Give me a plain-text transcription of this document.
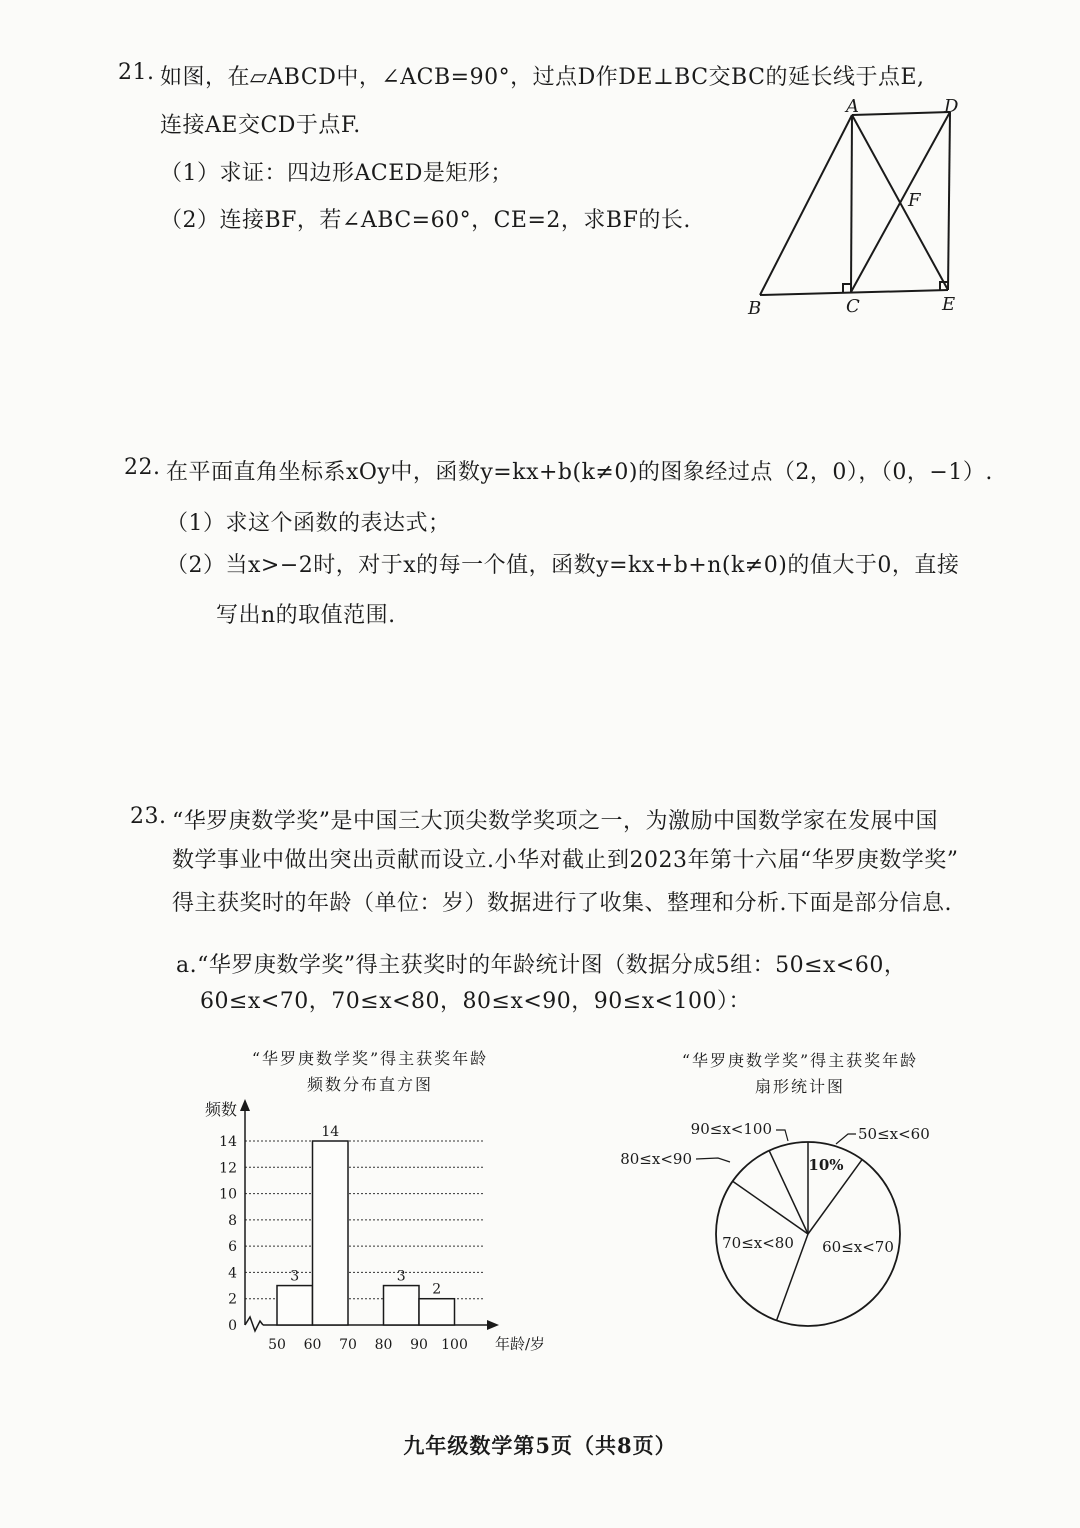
21. 如图，在▱ABCD中，∠ACB=90°，过点D作DE⊥BC交BC的延长线于点E,
连接AE交CD于点F.
（1）求证：四边形ACED是矩形；
（2）连接BF，若∠ABC=60°，CE=2，求BF的长.
A	D
F
B	C	E
22. 在平面直角坐标系xOy中，函数y=kx+b(k≠0)的图象经过点（2，0），（0，−1）.
（1）求这个函数的表达式；
（2）当x>−2时，对于x的每一个值，函数y=kx+b+n(k≠0)的值大于0，直接
写出n的取值范围.
23. “华罗庚数学奖”是中国三大顶尖数学奖项之一，为激励中国数学家在发展中国
数学事业中做出突出贡献而设立.小华对截止到2023年第十六届“华罗庚数学奖”
得主获奖时的年龄（单位：岁）数据进行了收集、整理和分析.下面是部分信息.
a.“华罗庚数学奖”得主获奖时的年龄统计图（数据分成5组：50≤x<60，
60≤x<70，70≤x<80，80≤x<90，90≤x<100）：
“华罗庚数学奖”得主获奖年龄
频数分布直方图
0
2
4
6
8
10
12
14
频数
50 60 70 80 90 100 年龄/岁
3
14
3
2
“华罗庚数学奖”得主获奖年龄
扇形统计图
10%
50≤x<60
60≤x<70
70≤x<80
80≤x<90
90≤x<100
九年级数学第5页（共8页）
